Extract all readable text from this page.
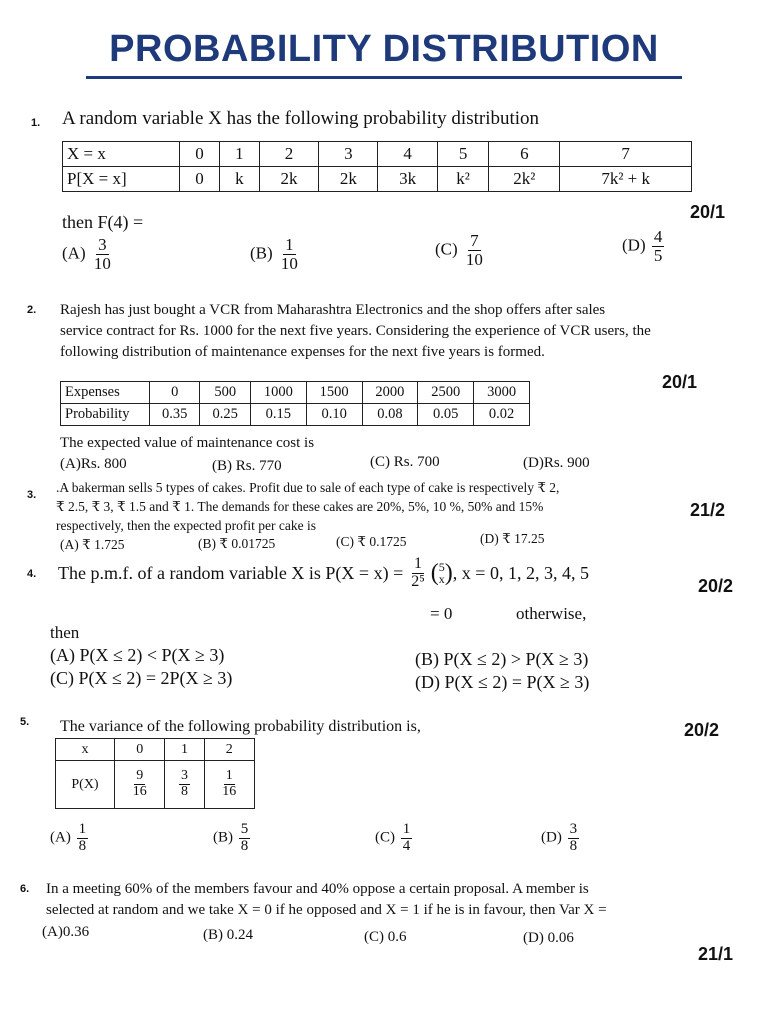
PROBABILITY DISTRIBUTION
1. A random variable X has the following probability distribution
X = x	0	1	2	3	4	5	6	7
P[X = x]	0	k	2k	2k	3k	k²	2k²	7k² + k
then F(4) =	20/1
$(A) \frac{3}{10}$	$(B) \frac{1}{10}$	$(C) \frac{7}{10}$	$(D) \frac{4}{5}$
2. Rajesh has just bought a VCR from Maharashtra Electronics and the shop offers after sales
service contract for Rs. 1000 for the next five years. Considering the experience of VCR users, the
following distribution of maintenance expenses for the next five years is formed.
20/1
Expenses	0	500	1000	1500	2000	2500	3000
Probability	0.35	0.25	0.15	0.10	0.08	0.05	0.02
The expected value of maintenance cost is
(A)Rs. 800	(B) Rs. 770	(C) Rs. 700	(D)Rs. 900
3. .A bakerman sells 5 types of cakes. Profit due to sale of each type of cake is respectively ₹ 2,
₹ 2.5, ₹ 3, ₹ 1.5 and ₹ 1. The demands for these cakes are 20%, 5%, 10 %, 50% and 15%
respectively, then the expected profit per cake is
21/2
(A) ₹ 1.725	(B) ₹ 0.01725	(C) ₹ 0.1725	(D) ₹ 17.25
4. The p.m.f. of a random variable X is $P(X = x) = \frac{1}{\text{2⁵}}$ ( 5
x ) , x = 0, 1, 2, 3, 4, 5
20/2
= 0	otherwise,
then
(A) P(X ≤ 2) < P(X ≥ 3)	(B) P(X ≤ 2) > P(X ≥ 3)
(C) P(X ≤ 2) = 2P(X ≥ 3)	(D) P(X ≤ 2) = P(X ≥ 3)
5. The variance of the following probability distribution is,	20/2
x	0	1	2
P(X)	$\frac{9}{16}$	$\frac{3}{8}$	$\frac{1}{16}$
$(A) \frac{1}{8}$	$(B) \frac{5}{8}$	$(C) \frac{1}{4}$	$(D) \frac{3}{8}$
6. In a meeting 60% of the members favour and 40% oppose a certain proposal. A member is
selected at random and we take X = 0 if he opposed and X = 1 if he is in favour, then Var X =
(A)0.36	(B) 0.24	(C) 0.6	(D) 0.06
21/1
